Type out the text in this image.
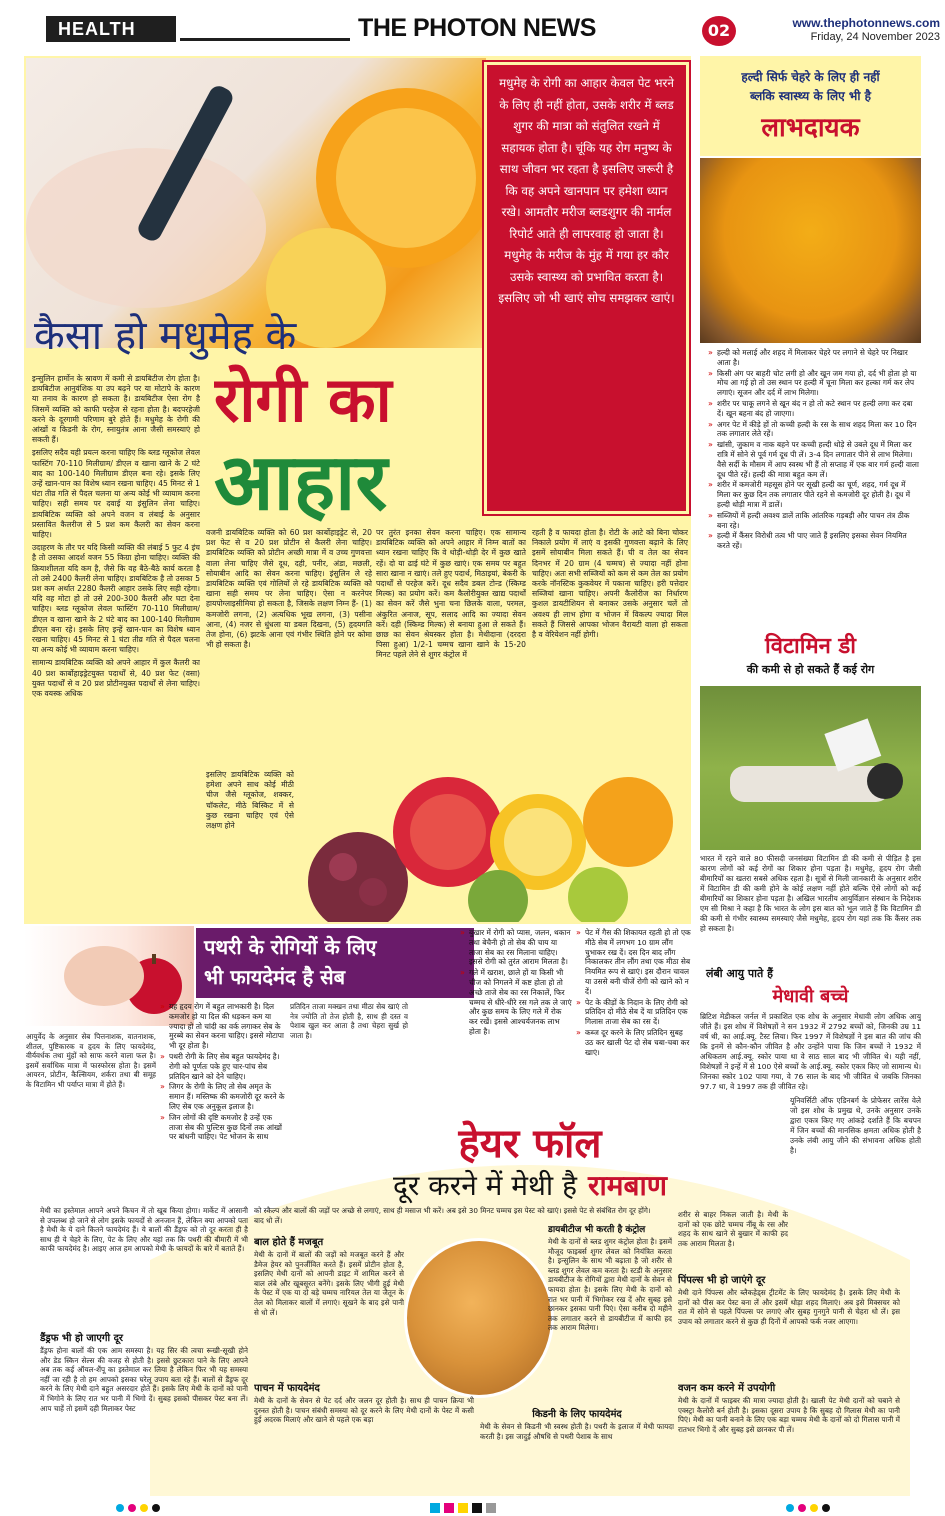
HEALTH	THE PHOTON NEWS	02	www.thephotonnews.com
Friday, 24 November 2023
कैसा हो मधुमेह के
रोगी का
आहार
मधुमेह के रोगी का आहार केवल पेट भरने के लिए ही नहीं होता, उसके शरीर में ब्लड शुगर की मात्रा को संतुलित रखने में सहायक होता है। चूंकि यह रोग मनुष्य के साथ जीवन भर रहता है इसलिए जरूरी है कि वह अपने खानपान पर हमेशा ध्यान रखे। आमतौर मरीज ब्लडशुगर की नार्मल रिपोर्ट आते ही लापरवाह हो जाता है। मधुमेह के मरीज के मुंह में गया हर कौर उसके स्वास्थ्य को प्रभावित करता है। इसलिए जो भी खाएं सोच समझकर खाएं।

इन्सुलिन हार्मोन के स्रावण में कमी से डायबिटीज रोग होता है। डायबिटीज आनुवंशिक या उप बढ़ने पर या मोटापे के कारण या तनाव के कारण हो सकता है। डायबिटीज ऐसा रोग है जिसमें व्यक्ति को काफी परहेज से रहना होता है। बदपरहेजी करने के दूरगामी परिणाम बुरे होते हैं। मधुमेह के रोगी की आंखों व किडनी के रोग, स्नायुतंत्र आना जैसी समस्याएं हो सकती हैं।

इसलिए सदैव यही प्रयत्न करना चाहिए कि ब्लड ग्लूकोज लेवल फास्टिंग 70-110 मिलीग्राम/ डीएल व खाना खाने के 2 घंटे बाद का 100-140 मिलीग्राम डीएल बना रहे। इसके लिए उन्हें खान-पान का विशेष ध्यान रखना चाहिए। 45 मिनट से 1 घंटा तीव्र गति से पैदल चलना या अन्य कोई भी व्यायाम करना चाहिए। सही समय पर दवाई या इंसुलिन लेना चाहिए। डायबिटिक व्यक्ति को अपने वजन व लंबाई के अनुसार प्रस्तावित कैलरीज से 5 प्रश कम कैलरी का सेवन करना चाहिए।

उदाहरण के तौर पर यदि किसी व्यक्ति की लंबाई 5 फुट 4 इंच है तो उसका आदर्श वजन 55 किग्रा होना चाहिए। व्यक्ति की क्रियाशीलता यदि कम है, जैसे कि वह बैठे-बैठे कार्य करता है तो उसे 2400 कैलरी लेना चाहिए। डायबिटिक है तो उसका 5 प्रश कम अर्थात 2280 कैलरी आहार उसके लिए सही रहेगा। यदि वह मोटा हो तो उसे 200-300 कैलरी और घटा देना चाहिए। ब्लड ग्लूकोज लेवल फास्टिंग 70-110 मिलीग्राम/ डीएल व खाना खाने के 2 घंटे बाद का 100-140 मिलीग्राम डीएल बना रहे। इसके लिए इन्हें खान-पान का विशेष ध्यान रखना चाहिए। 45 मिनट से 1 घंटा तीव्र गति से पैदल चलना या अन्य कोई भी व्यायाम करना चाहिए।

सामान्य डायबिटिक व्यक्ति को अपने आहार में कुल कैलरी का 40 प्रश कार्बोहाइड्रेटयुक्त पदार्थों से, 40 प्रश फेट (वसा) युक्त पदार्थों से व 20 प्रश प्रोटीनयुक्त पदार्थों से लेना चाहिए। एक वयस्क अधिक

वजनी डायबिटिक व्यक्ति को 60 प्रश कार्बोहाइड्रेट से, 20 प्रश फेट से व 20 प्रश प्रोटीन से कैलरी लेना चाहिए। डायबिटिक व्यक्ति को प्रोटीन अच्छी मात्रा में व उच्च गुणवत्ता वाला लेना चाहिए जैसे दूध, दही, पनीर, अंडा, मछली, सोयाबीन आदि का सेवन करना चाहिए। इंसुलिन ले रहे डायबिटिक व्यक्ति एवं गोलियों ले रहे डायबिटिक व्यक्ति को खाना सही समय पर लेना चाहिए। ऐसा न करनेपर हायपोग्लाइसीमिया हो सकता है, जिसके लक्षण निम्न हैं- (1) कमजोरी लगना, (2) अत्यधिक भूख लगना, (3) पसीना आना, (4) नजर से धुंधला या डबल दिखना, (5) हृदयगति तेज होना, (6) झटके आना एवं गंभीर स्थिति होने पर कोमा भी हो सकता है।

इसलिए डायबिटिक व्यक्ति को हमेशा अपने साथ कोई मीठी चीज जैसे ग्लूकोज, शक्कर, चॉकलेट, मीठे बिस्किट में से कुछ रखना चाहिए एवं ऐसे लक्षण होने

पर तुरंत इनका सेवन करना चाहिए। एक सामान्य डायबिटिक व्यक्ति को अपने आहार में निम्न बातों का ध्यान रखना चाहिए कि वे थोड़ी-थोड़ी देर में कुछ खाते रहें। दो या ढाई घंटे में कुछ खाएं। एक समय पर बहुत सारा खाना न खाएं। तले हुए पदार्थ, मिठाइयां, बेकरी के पदार्थों से परहेज करें। दूध सदैव डबल टोन्ड (स्किम्ड मिल्क) का प्रयोग करें। कम कैलोरीयुक्त खाद्य पदार्थों का सेवन करें जैसे भुना चना छिलके वाला, परमल, अंकुरित अनाज, सूप, सलाद आदि का ज्यादा सेवन करें। दही (स्किम्ड मिल्क) से बनाया हुआ ले सकते हैं। छाछ का सेवन श्रेयस्कर होता है। मेथीदाना (दरदरा पिसा हुआ) 1/2-1 चम्मच खाना खाने के 15-20 मिनट पहले लेने से शुगर कंट्रोल में

रहती है व फायदा होता है। रोटी के आटे को बिना चोकर निकाले प्रयोग में लाएं व इसकी गुणवत्ता बढ़ाने के लिए इसमें सोयाबीन मिला सकते हैं। घी व तेल का सेवन दिनभर में 20 ग्राम (4 चम्मच) से ज्यादा नहीं होना चाहिए। अतः सभी सब्जियों को कम से कम तेल का प्रयोग करके नॉनस्टिक कुकवेयर में पकाना चाहिए। हरी पत्तेदार सब्जियां खाना चाहिए। अपनी कैलोरीज का निर्धारण कुशल डायटीशियन से बनाकर उसके अनुसार चलें तो अवश्य ही लाभ होगा व भोजन में विकल्प ज्यादा मिल सकते हैं जिससे आपका भोजन वैरायटी वाला हो सकता है व वेरियेशन नहीं होगी।

हल्दी सिर्फ चेहरे के लिए ही नहीं
ब्लकि स्वास्थ्य के लिए भी है
लाभदायक
» हल्दी को मलाई और शहद में मिलाकर चेहरे पर लगाने से चेहरे पर निखार आता है।
» किसी अंग पर बाहरी चोट लगी हो और खून जम गया हो, दर्द भी होता हो या मोच आ गई हो तो उस स्थान पर हल्दी में चूना मिला कर हल्का गर्म कर लेप लगाएं। सूजन और दर्द में लाभ मिलेगा।
» शरीर पर चाकू लगने से खून बंद न हो तो कटे स्थान पर हल्दी लगा कर दबा दें। खून बहना बंद हो जाएगा।
» अगर पेट में कीड़े हों तो कच्ची हल्दी के रस के साथ शहद मिला कर 10 दिन तक लगातार लेते रहें।
» खांसी, जुकाम व नाक बहने पर कच्ची हल्दी थोड़े से उबले दूध में मिला कर रात्रि में सोने से पूर्व गर्म दूध पी लें। 3-4 दिन लगातार पीने से लाभ मिलेगा। वैसे सर्दी के मौसम में आप स्वस्थ भी हैं तो सप्ताह में एक बार गर्म हल्दी वाला दूध पीते रहें। हल्दी की मात्रा बहुत कम लें।
» शरीर में कमजोरी महसूस होने पर सूखी हल्दी का चूर्ण, शहद, गर्म दूध में मिला कर कुछ दिन तक लगातार पीते रहने से कमजोरी दूर होती है। दूध में हल्दी थोड़ी मात्रा में डालें।
» सब्जियों में हल्दी अवश्य डालें ताकि आंतरिक गड़बड़ी और पाचन तंत्र ठीक बना रहे।
» हल्दी में कैंसर विरोधी तत्व भी पाए जाते हैं इसलिए इसका सेवन नियमित करते रहें।
विटामिन डी
की कमी से हो सकते हैं कई रोग
भारत में रहने वाले 80 फीसदी जनसंख्या विटामिन डी की कमी से पीड़ित है इस कारण लोगों को कई रोगों का शिकार होना पड़ता है। मधुमेह, हृदय रोग जैसी बीमारियों का खतरा सबसे अधिक रहता है। सूत्रों से मिली जानकारी के अनुसार शरीर में विटामिन डी की कमी होने के कोई लक्षण नहीं होते बल्कि ऐसे लोगों को कई बीमारियों का शिकार होना पड़ता है। अखिल भारतीय आयुर्विज्ञान संस्थान के निदेशक एम सी मिश्रा ने कहा है कि भारत के लोग इस बात को भूल जाते हैं कि विटामिन डी की कमी से गंभीर स्वास्थ्य समस्याएं जैसे मधुमेह, हृदय रोग यहां तक कि कैंसर तक हो सकता है।
लंबी आयु पाते हैं
मेधावी बच्चे
ब्रिटिश मेडीकल जर्नल में प्रकाशित एक शोध के अनुसार मेधावी लोग अधिक आयु जीते हैं। इस शोध में विशेषज्ञों ने सन 1932 में 2792 बच्चों को, जिनकी उम्र 11 वर्ष थी, का आई.क्यू. टैस्ट लिया। फिर 1997 में विशेषज्ञों ने इस बात की जांच की कि इनमें से कौन-कौन जीवित है और उन्होंने पाया कि जिन बच्चों ने 1932 में अधिकतम आई.क्यू. स्कोर पाया था वे साठ साल बाद भी जीवित थे। यही नहीं, विशेषज्ञों ने इन्हें में से 100 ऐसे बच्चों के आई.क्यू. स्कोर एकत्र किए जो सामान्य थे। जिनका स्कोर 102 पाया गया, वे 76 साल के बाद भी जीवित थे जबकि जिनका 97.7 था, वे 1997 तक ही जीवित रहे।
यूनिवर्सिटी ऑफ एडिनबर्ग के प्रोफेसर लारेंस वेले जो इस शोध के प्रमुख थे, उनके अनुसार उनके द्वारा एकत्र किए गए आंकड़े दर्शाते हैं कि बचपन में जिन बच्चों की मानसिक क्षमता अधिक होती है उनके लंबी आयु जीने की संभावना अधिक होती है।
पथरी के रोगियों के लिए
भी फायदेमंद है सेब
आयुर्वेद के अनुसार सेब पित्तनाशक, वातनाशक, शीतल, पुष्टिकारक व हृदय के लिए फायदेमंद, वीर्यवर्धक तथा मुंहों को साफ करने वाला फल है। इसमें सर्वाधिक मात्रा में फास्फोरस होता है। इसमें आयरन, प्रोटीन, कैल्सियम, शर्करा तथा बी समूह के विटामिन भी पर्याप्त मात्रा में होते हैं।
» यह हृदय रोग में बहुत लाभकारी है। दिल कमजोर हो या दिल की धड़कन कम या ज्यादा हो तो चांदी का वर्क लगाकर सेब के मुरब्बे का सेवन करना चाहिए। इससे मोटापा भी दूर होता है।
» पथरी रोगी के लिए सेब बहुत फायदेमंद है। रोगी को पूर्णतः पके हुए चार-पांच सेब प्रतिदिन खाने को देने चाहिए।
» जिगर के रोगी के लिए तो सेब अमृत के समान हैं। मस्तिष्क की कमजोरी दूर करने के लिए सेब एक अनुकूल इलाज है।
» जिन लोगों की दृष्टि कमजोर है उन्हें एक ताजा सेब की पुल्टिस कुछ दिनों तक आंखों पर बांधनी चाहिए। पेट भोजन के साथ

प्रतिदिन ताजा मक्खन तथा मीठा सेब खाएं तो नेत्र ज्योति तो तेज होती है, साथ ही दस्त व पेशाब खुल कर आता है तथा चेहरा सुर्ख हो जाता है।

» बुखार में रोगी को प्यास, जलन, थकान तथा बेचैनी हो तो सेब की चाय या ताजा सेब का रस मिलाना चाहिए। इससे रोगी को तुरंत आराम मिलता है।
» गले में खराश, छाले हों या किसी भी चीज को निगलने में कष्ट होता हो तो अच्छे ताजे सेब का रस निकालें, फिर चम्मच से धीरे-धीरे रस गले तक ले जाएं और कुछ समय के लिए गले में रोक कर रखें। इससे आश्चर्यजनक लाभ होता है।
» पेट में गैस की शिकायत रहती हो तो एक मीठे सेब में लगभग 10 ग्राम लौंग चुभाकर रख दें। दस दिन बाद लौंग निकालकर तीन लौंग तथा एक मीठा सेब नियमित रूप से खाएं। इस दौरान चावल या उससे बनी चीजें रोगी को खाने को न दें।
» पेट के कीड़ों के निदान के लिए रोगी को प्रतिदिन दो मीठे सेब दें या प्रतिदिन एक गिलास ताजा सेब का रस दें।
» कब्ज दूर करने के लिए प्रतिदिन सुबह उठ कर खाली पेट दो सेब चबा-चबा कर खाएं।
हेयर फॉल
दूर करने में मेथी है रामबाण
मेथी का इस्तेमाल आपने अपने किचन में तो खूब किया होगा। मार्केट में आसानी से उपलब्ध हो जाने से लोग इसके फायदों से अनजान हैं, लेकिन क्या आपको पता है मेथी के ये दाने कितने फायदेमंद हैं। ये बालों की डैंड्रफ को तो दूर करता ही है साथ ही ये चेहरे के लिए, पेट के लिए और यहां तक कि पथरी की बीमारी में भी काफी फायदेमंद है। आइए आज हम आपको मेथी के फायदों के बारे में बताते हैं।
डैंड्रफ भी हो जाएगी दूर
डैंड्रफ होना बालों की एक आम समस्या है। यह सिर की त्वचा रूखी-सूखी होने और डेड स्किन सेल्स की वजह से होती है। इससे छुटकारा पाने के लिए आपने अब तक कई ऑयल-शैंपू का इस्तेमाल कर लिया है लेकिन फिर भी यह समस्या नहीं जा रही है तो हम आपको इसका घरेलू उपाय बता रहे हैं। बालों से डैंड्रफ दूर करने के लिए मेथी दाने बहुत असरदार होते हैं। इसके लिए मेथी के दानों को पानी में भिगोने के लिए रात भर पानी में भिगो दें। सुबह इसको पीसकर पेस्ट बना लें। आप चाहें तो इसमें दही मिलाकर पेस्ट
को स्कैल्प और बालों की जड़ों पर अच्छे से लगाएं, साथ ही मसाज भी करें। अब इसे 30 मिनट बाद धो लें।
बाल होते हैं मजबूत
मेथी के दानों में बालों की जड़ों को मजबूत करने हैं और डैमेज हेयर को पुनर्जीवित करते हैं। इसमें प्रोटीन होता है, इसलिए मेथी दानों को आपनी डाइट में शामिल करने से बाल लंबे और खूबसूरत बनेंगे। इसके लिए भीगी हुई मेथी के पेस्ट में एक या दो बड़े चम्मच नारियल तेल या जैतून के तेल को मिलाकर बालों में लगाएं। सूखने के बाद इसे पानी से धो लें।
पाचन में फायदेमंद
मेथी के दानों के सेवन से पेट दर्द और जलन दूर होती है। साथ ही पाचन क्रिया भी दुरुस्त होती है। पाचन संबंधी समस्या को दूर करने के लिए मेथी दानों के पेस्ट में कसी हुई अदरक मिलाएं और खाने से पहले एक बड़ा
चम्मच इस पेस्ट को खाएं। इससे पेट से संबंधित रोग दूर होंगे।
डायबीटीज भी करती है कंट्रोल
मेथी के दानों से ब्लड शुगर कंट्रोल होता है। इसमें मौजूद फाइबर्स शुगर लेवल को नियंत्रित करता है। इन्सुलिन के साथ भी बढ़ाता है जो शरीर से ब्लड शुगर लेवल कम करता है। स्टडी के अनुसार डायबीटीज के रोगियों द्वारा मेथी दानों के सेवन से फायदा होता है। इसके लिए मेथी के दानों को रात भर पानी में भिगोकर रख दें और सुबह इसे छानकर इसका पानी पिएं। ऐसा करीब दो महीने तक लगातार करने से डायबीटीज में काफी हद तक आराम मिलेगा।
किडनी के लिए फायदेमंद
मेथी के सेवन से किडनी भी स्वस्थ होती है। पथरी के इलाज में मेथी फायदा करती है। इस जादुई औषधि से पथरी पेशाब के साथ
शरीर से बाहर निकल जाती है। मेथी के दानों को एक छोटे चम्मच नींबू के रस और शहद के साथ खाने से बुखार में काफी हद तक आराम मिलता है।
पिंपल्स भी हो जाएंगे दूर
मेथी दाने पिंपल्स और ब्लैकहेड्स ट्रीटमेंट के लिए फायदेमंद है। इसके लिए मेथी के दानों को पीस कर पेस्ट बना लें और इसमें थोड़ा शहद मिलाएं। अब इसे मिक्सचर को रात में सोने से पहले पिंपल्स पर लगाएं और सुबह गुनगुने पानी से चेहरा धो लें। इस उपाय को लगातार करने से कुछ ही दिनों में आपको फर्क नजर आएगा।
वजन कम करने में उपयोगी
मेथी के दानों में फाइबर की मात्रा ज्यादा होती है। खाली पेट मेथी दानों को चबाने से एक्स्ट्रा कैलोरी बर्न होती है। इसका दूसरा उपाय है कि सुबह दो गिलास मेथी का पानी पिएं। मेथी का पानी बनाने के लिए एक बड़ा चम्मच मेथी के दानों को दो गिलास पानी में रातभर भिगो दें और सुबह इसे छानकर पी लें।
